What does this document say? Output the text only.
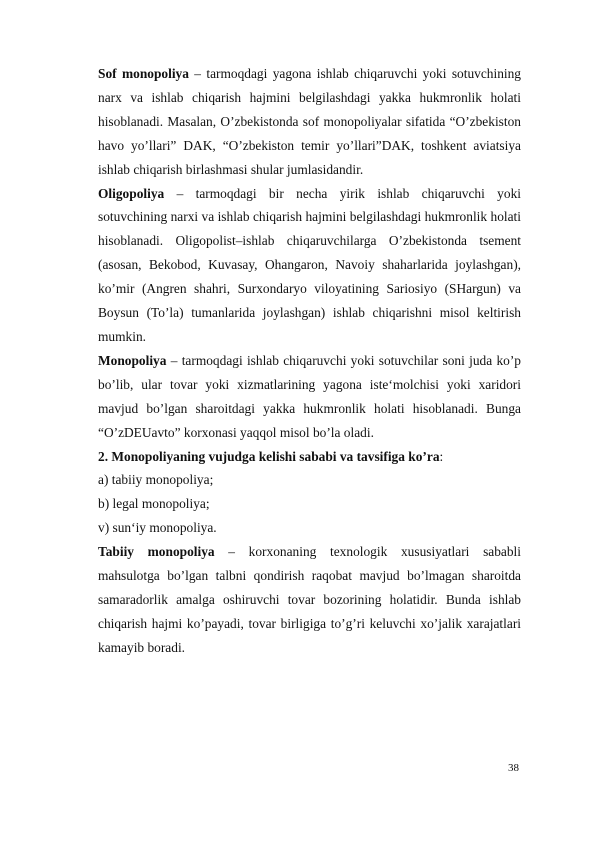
Sof monopoliya – tarmoqdagi yagona ishlab chiqaruvchi yoki sotuvchining narx va ishlab chiqarish hajmini belgilashdagi yakka hukmronlik holati hisoblanadi. Masalan, O’zbekistonda sof monopoliyalar sifatida “O’zbekiston havo yo’llari” DAK, “O’zbekiston temir yo’llari”DAK, toshkent aviatsiya ishlab chiqarish birlashmasi shular jumlasidandir.

Oligopoliya – tarmoqdagi bir necha yirik ishlab chiqaruvchi yoki sotuvchining narxi va ishlab chiqarish hajmini belgilashdagi hukmronlik holati hisoblanadi. Oligopolist–ishlab chiqaruvchilarga O’zbekistonda tsement (asosan, Bekobod, Kuvasay, Ohangaron, Navoiy shaharlarida joylashgan), ko’mir (Angren shahri, Surxondaryo viloyatining Sariosiyo (SHargun) va Boysun (To’la) tumanlarida joylashgan) ishlab chiqarishni misol keltirish mumkin.

Monopoliya – tarmoqdagi ishlab chiqaruvchi yoki sotuvchilar soni juda ko’p bo’lib, ular tovar yoki xizmatlarining yagona iste‘molchisi yoki xaridori mavjud bo’lgan sharoitdagi yakka hukmronlik holati hisoblanadi. Bunga “O’zDEUavto” korxonasi yaqqol misol bo’la oladi.

2. Monopoliyaning vujudga kelishi sababi va tavsifiga ko’ra:

a) tabiiy monopoliya;

b) legal monopoliya;

v) sun‘iy monopoliya.

Tabiiy monopoliya – korxonaning texnologik xususiyatlari sababli mahsulotga bo’lgan talbni qondirish raqobat mavjud bo’lmagan sharoitda samaradorlik amalga oshiruvchi tovar bozorining holatidir. Bunda ishlab chiqarish hajmi ko’payadi, tovar birligiga to’g’ri keluvchi xo’jalik xarajatlari kamayib boradi.

38
